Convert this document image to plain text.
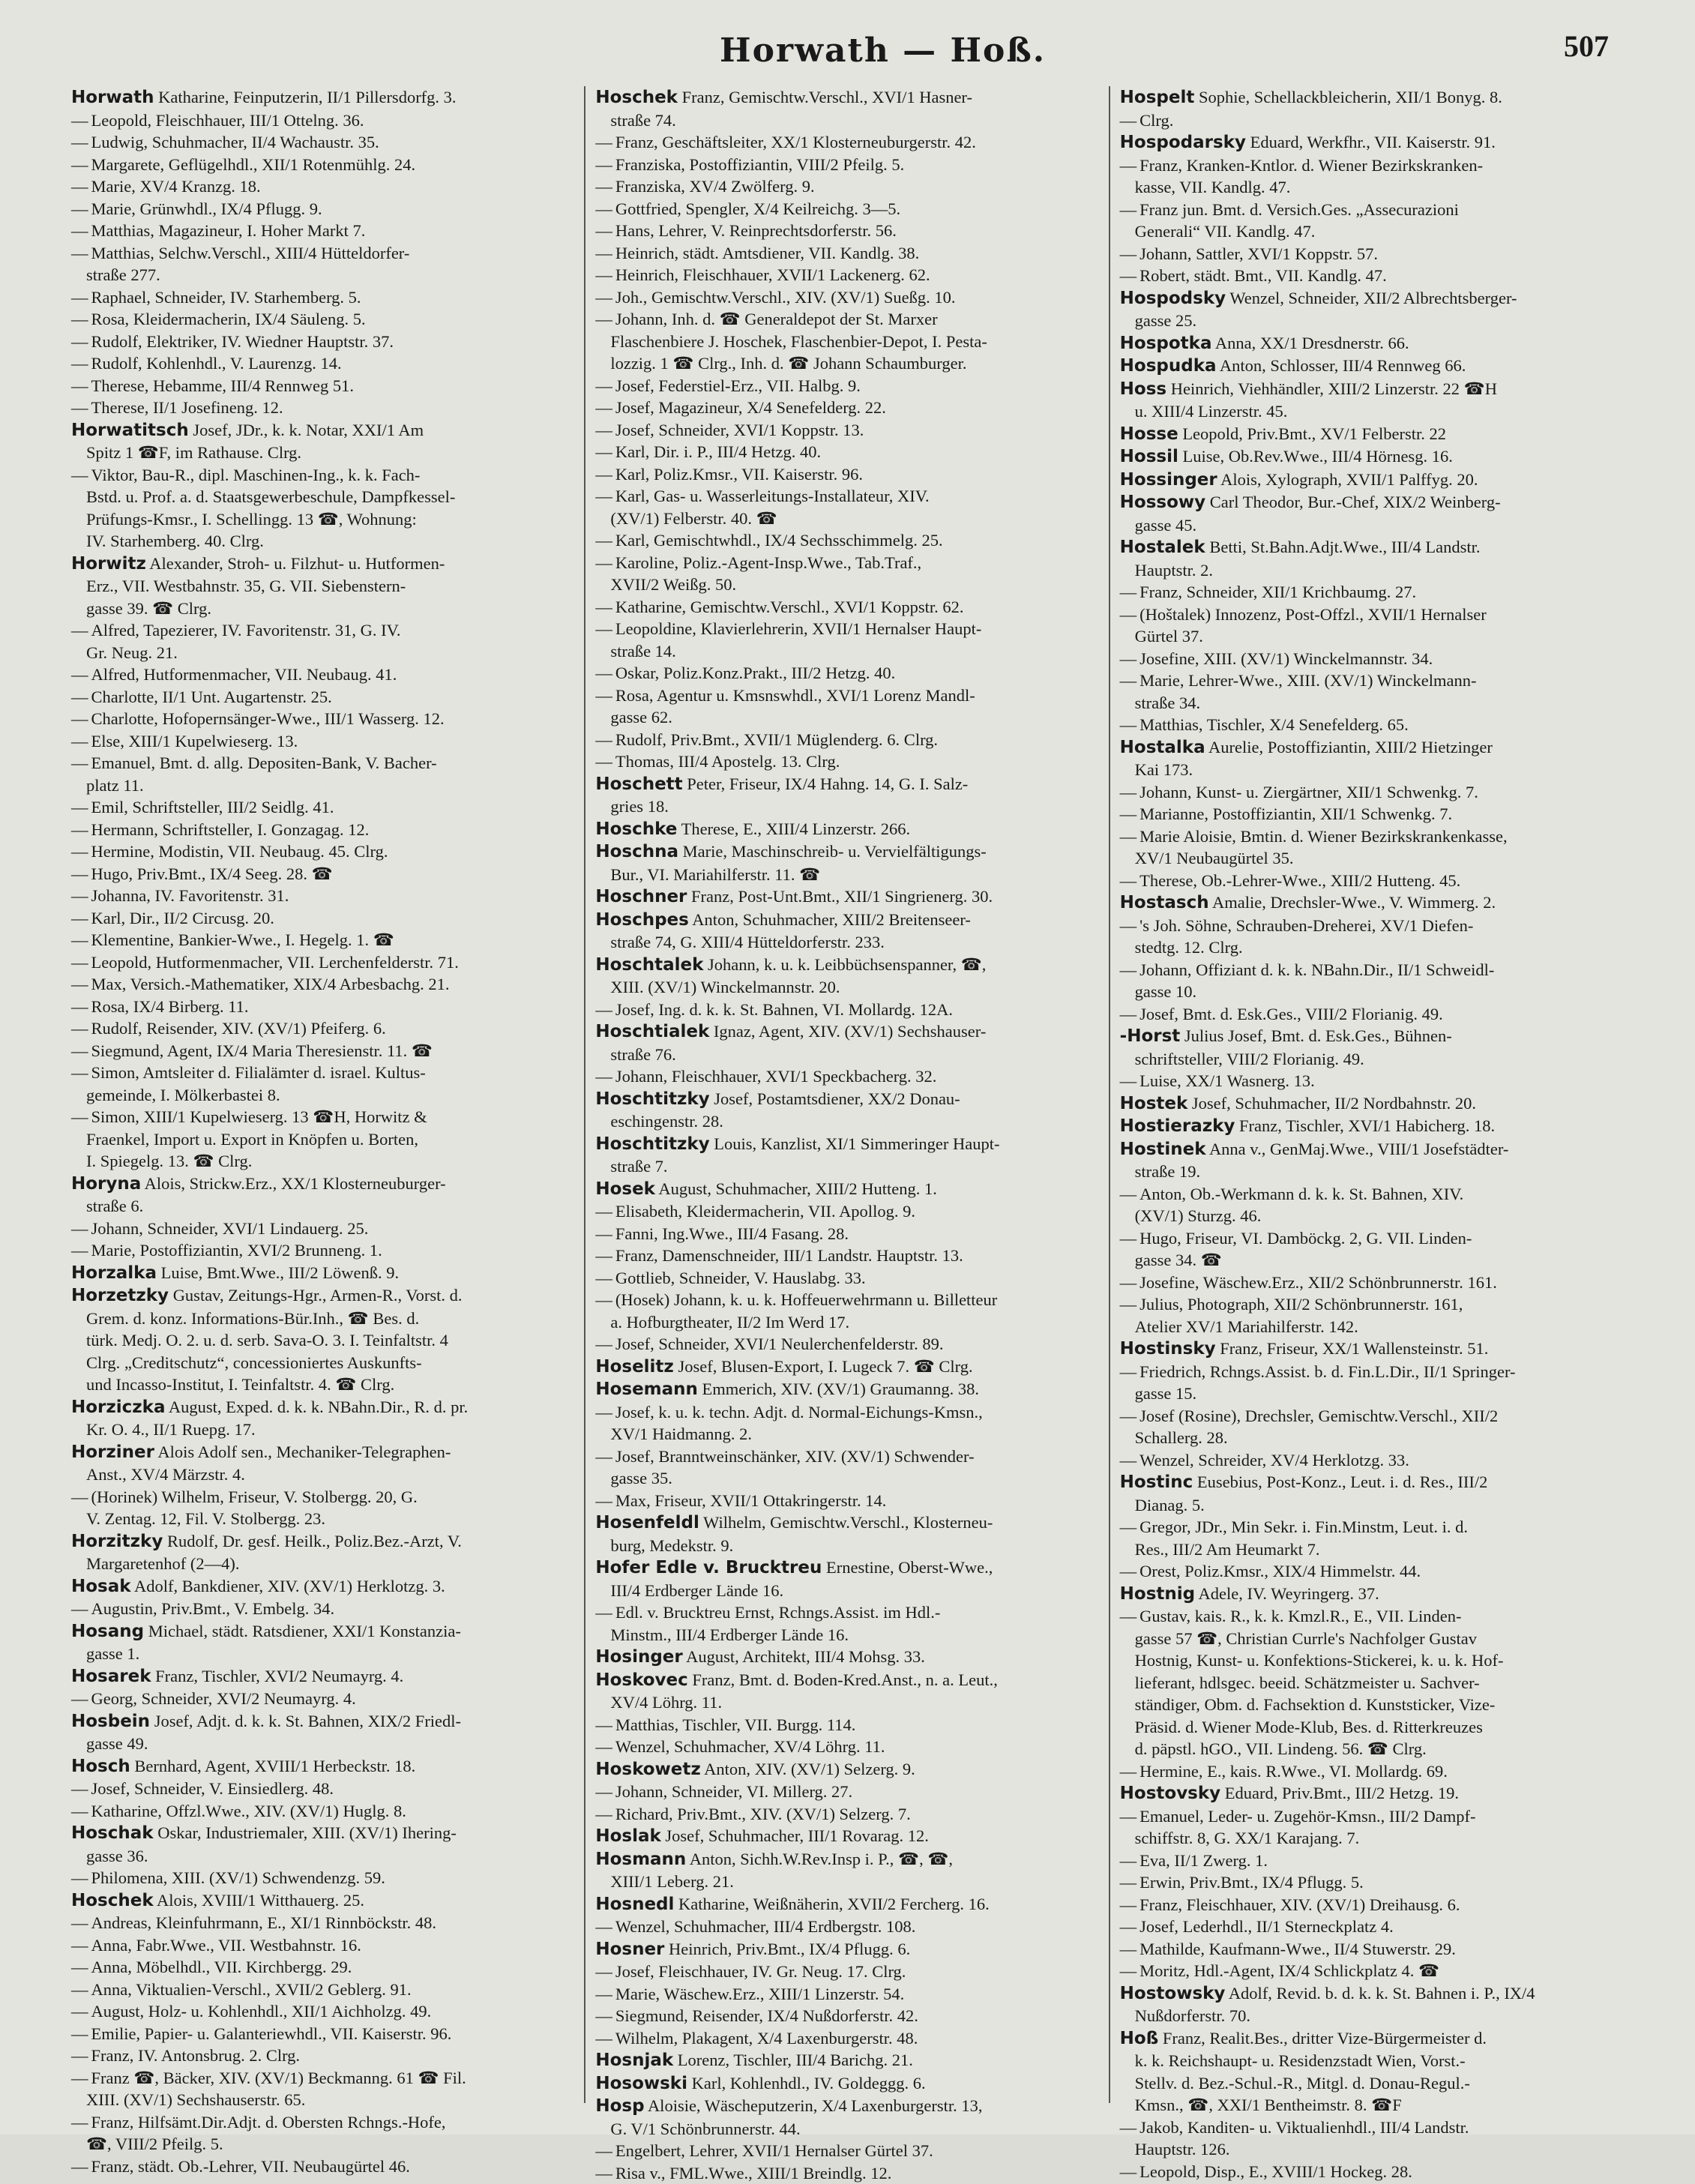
Horwath — Hoß.	507
Horwath Katharine, Feinputzerin, II/1 Pillersdorfg. 3.
— Leopold, Fleischhauer, III/1 Ottelng. 36.
— Ludwig, Schuhmacher, II/4 Wachaustr. 35.
— Margarete, Geflügelhdl., XII/1 Rotenmühlg. 24.
— Marie, XV/4 Kranzg. 18.
— Marie, Grünwhdl., IX/4 Pflugg. 9.
— Matthias, Magazineur, I. Hoher Markt 7.
— Matthias, Selchw.Verschl., XIII/4 Hütteldorfer-
straße 277.
— Raphael, Schneider, IV. Starhemberg. 5.
— Rosa, Kleidermacherin, IX/4 Säuleng. 5.
— Rudolf, Elektriker, IV. Wiedner Hauptstr. 37.
— Rudolf, Kohlenhdl., V. Laurenzg. 14.
— Therese, Hebamme, III/4 Rennweg 51.
— Therese, II/1 Josefineng. 12.
Horwatitsch Josef, JDr., k. k. Notar, XXI/1 Am
Spitz 1 ☎F, im Rathause. Clrg.
— Viktor, Bau-R., dipl. Maschinen-Ing., k. k. Fach-
Bstd. u. Prof. a. d. Staatsgewerbeschule, Dampfkessel-
Prüfungs-Kmsr., I. Schellingg. 13 ☎, Wohnung:
IV. Starhemberg. 40. Clrg.
Horwitz Alexander, Stroh- u. Filzhut- u. Hutformen-
Erz., VII. Westbahnstr. 35, G. VII. Siebenstern-
gasse 39. ☎ Clrg.
— Alfred, Tapezierer, IV. Favoritenstr. 31, G. IV.
Gr. Neug. 21.
— Alfred, Hutformenmacher, VII. Neubaug. 41.
— Charlotte, II/1 Unt. Augartenstr. 25.
— Charlotte, Hofopernsänger-Wwe., III/1 Wasserg. 12.
— Else, XIII/1 Kupelwieserg. 13.
— Emanuel, Bmt. d. allg. Depositen-Bank, V. Bacher-
platz 11.
— Emil, Schriftsteller, III/2 Seidlg. 41.
— Hermann, Schriftsteller, I. Gonzagag. 12.
— Hermine, Modistin, VII. Neubaug. 45. Clrg.
— Hugo, Priv.Bmt., IX/4 Seeg. 28. ☎
— Johanna, IV. Favoritenstr. 31.
— Karl, Dir., II/2 Circusg. 20.
— Klementine, Bankier-Wwe., I. Hegelg. 1. ☎
— Leopold, Hutformenmacher, VII. Lerchenfelderstr. 71.
— Max, Versich.-Mathematiker, XIX/4 Arbesbachg. 21.
— Rosa, IX/4 Birberg. 11.
— Rudolf, Reisender, XIV. (XV/1) Pfeiferg. 6.
— Siegmund, Agent, IX/4 Maria Theresienstr. 11. ☎
— Simon, Amtsleiter d. Filialämter d. israel. Kultus-
gemeinde, I. Mölkerbastei 8.
— Simon, XIII/1 Kupelwieserg. 13 ☎H, Horwitz &
Fraenkel, Import u. Export in Knöpfen u. Borten,
I. Spiegelg. 13. ☎ Clrg.
Horyna Alois, Strickw.Erz., XX/1 Klosterneuburger-
straße 6.
— Johann, Schneider, XVI/1 Lindauerg. 25.
— Marie, Postoffiziantin, XVI/2 Brunneng. 1.
Horzalka Luise, Bmt.Wwe., III/2 Löwenß. 9.
Horzetzky Gustav, Zeitungs-Hgr., Armen-R., Vorst. d.
Grem. d. konz. Informations-Bür.Inh., ☎ Bes. d.
türk. Medj. O. 2. u. d. serb. Sava-O. 3. I. Teinfaltstr. 4
Clrg. „Creditschutz“, concessioniertes Auskunfts-
und Incasso-Institut, I. Teinfaltstr. 4. ☎ Clrg.
Horziczka August, Exped. d. k. k. NBahn.Dir., R. d. pr.
Kr. O. 4., II/1 Ruepg. 17.
Horziner Alois Adolf sen., Mechaniker-Telegraphen-
Anst., XV/4 Märzstr. 4.
— (Horinek) Wilhelm, Friseur, V. Stolbergg. 20, G.
V. Zentag. 12, Fil. V. Stolbergg. 23.
Horzitzky Rudolf, Dr. gesf. Heilk., Poliz.Bez.-Arzt, V.
Margaretenhof (2—4).
Hosak Adolf, Bankdiener, XIV. (XV/1) Herklotzg. 3.
— Augustin, Priv.Bmt., V. Embelg. 34.
Hosang Michael, städt. Ratsdiener, XXI/1 Konstanzia-
gasse 1.
Hosarek Franz, Tischler, XVI/2 Neumayrg. 4.
— Georg, Schneider, XVI/2 Neumayrg. 4.
Hosbein Josef, Adjt. d. k. k. St. Bahnen, XIX/2 Friedl-
gasse 49.
Hosch Bernhard, Agent, XVIII/1 Herbeckstr. 18.
— Josef, Schneider, V. Einsiedlerg. 48.
— Katharine, Offzl.Wwe., XIV. (XV/1) Huglg. 8.
Hoschak Oskar, Industriemaler, XIII. (XV/1) Ihering-
gasse 36.
— Philomena, XIII. (XV/1) Schwendenzg. 59.
Hoschek Alois, XVIII/1 Witthauerg. 25.
— Andreas, Kleinfuhrmann, E., XI/1 Rinnböckstr. 48.
— Anna, Fabr.Wwe., VII. Westbahnstr. 16.
— Anna, Möbelhdl., VII. Kirchbergg. 29.
— Anna, Viktualien-Verschl., XVII/2 Geblerg. 91.
— August, Holz- u. Kohlenhdl., XII/1 Aichholzg. 49.
— Emilie, Papier- u. Galanteriewhdl., VII. Kaiserstr. 96.
— Franz, IV. Antonsbrug. 2. Clrg.
— Franz ☎, Bäcker, XIV. (XV/1) Beckmanng. 61 ☎ Fil.
XIII. (XV/1) Sechshauserstr. 65.
— Franz, Hilfsämt.Dir.Adjt. d. Obersten Rchngs.-Hofe,
☎, VIII/2 Pfeilg. 5.
— Franz, städt. Ob.-Lehrer, VII. Neubaugürtel 46.
Hoschek Franz, Gemischtw.Verschl., XVI/1 Hasner-
straße 74.
— Franz, Geschäftsleiter, XX/1 Klosterneuburgerstr. 42.
— Franziska, Postoffiziantin, VIII/2 Pfeilg. 5.
— Franziska, XV/4 Zwölferg. 9.
— Gottfried, Spengler, X/4 Keilreichg. 3—5.
— Hans, Lehrer, V. Reinprechtsdorferstr. 56.
— Heinrich, städt. Amtsdiener, VII. Kandlg. 38.
— Heinrich, Fleischhauer, XVII/1 Lackenerg. 62.
— Joh., Gemischtw.Verschl., XIV. (XV/1) Sueßg. 10.
— Johann, Inh. d. ☎ Generaldepot der St. Marxer
Flaschenbiere J. Hoschek, Flaschenbier-Depot, I. Pesta-
lozzig. 1 ☎ Clrg., Inh. d. ☎ Johann Schaumburger.
— Josef, Federstiel-Erz., VII. Halbg. 9.
— Josef, Magazineur, X/4 Senefelderg. 22.
— Josef, Schneider, XVI/1 Koppstr. 13.
— Karl, Dir. i. P., III/4 Hetzg. 40.
— Karl, Poliz.Kmsr., VII. Kaiserstr. 96.
— Karl, Gas- u. Wasserleitungs-Installateur, XIV.
(XV/1) Felberstr. 40. ☎
— Karl, Gemischtwhdl., IX/4 Sechsschimmelg. 25.
— Karoline, Poliz.-Agent-Insp.Wwe., Tab.Traf.,
XVII/2 Weißg. 50.
— Katharine, Gemischtw.Verschl., XVI/1 Koppstr. 62.
— Leopoldine, Klavierlehrerin, XVII/1 Hernalser Haupt-
straße 14.
— Oskar, Poliz.Konz.Prakt., III/2 Hetzg. 40.
— Rosa, Agentur u. Kmsnswhdl., XVI/1 Lorenz Mandl-
gasse 62.
— Rudolf, Priv.Bmt., XVII/1 Müglenderg. 6. Clrg.
— Thomas, III/4 Apostelg. 13. Clrg.
Hoschett Peter, Friseur, IX/4 Hahng. 14, G. I. Salz-
gries 18.
Hoschke Therese, E., XIII/4 Linzerstr. 266.
Hoschna Marie, Maschinschreib- u. Vervielfältigungs-
Bur., VI. Mariahilferstr. 11. ☎
Hoschner Franz, Post-Unt.Bmt., XII/1 Singrienerg. 30.
Hoschpes Anton, Schuhmacher, XIII/2 Breitenseer-
straße 74, G. XIII/4 Hütteldorferstr. 233.
Hoschtalek Johann, k. u. k. Leibbüchsenspanner, ☎,
XIII. (XV/1) Winckelmannstr. 20.
— Josef, Ing. d. k. k. St. Bahnen, VI. Mollardg. 12A.
Hoschtialek Ignaz, Agent, XIV. (XV/1) Sechshauser-
straße 76.
— Johann, Fleischhauer, XVI/1 Speckbacherg. 32.
Hoschtitzky Josef, Postamtsdiener, XX/2 Donau-
eschingenstr. 28.
Hoschtitzky Louis, Kanzlist, XI/1 Simmeringer Haupt-
straße 7.
Hosek August, Schuhmacher, XIII/2 Hutteng. 1.
— Elisabeth, Kleidermacherin, VII. Apollog. 9.
— Fanni, Ing.Wwe., III/4 Fasang. 28.
— Franz, Damenschneider, III/1 Landstr. Hauptstr. 13.
— Gottlieb, Schneider, V. Hauslabg. 33.
— (Hosek) Johann, k. u. k. Hoffeuerwehrmann u. Billetteur
a. Hofburgtheater, II/2 Im Werd 17.
— Josef, Schneider, XVI/1 Neulerchenfelderstr. 89.
Hoselitz Josef, Blusen-Export, I. Lugeck 7. ☎ Clrg.
Hosemann Emmerich, XIV. (XV/1) Graumanng. 38.
— Josef, k. u. k. techn. Adjt. d. Normal-Eichungs-Kmsn.,
XV/1 Haidmanng. 2.
— Josef, Branntweinschänker, XIV. (XV/1) Schwender-
gasse 35.
— Max, Friseur, XVII/1 Ottakringerstr. 14.
Hosenfeldl Wilhelm, Gemischtw.Verschl., Klosterneu-
burg, Medekstr. 9.
Hofer Edle v. Brucktreu Ernestine, Oberst-Wwe.,
III/4 Erdberger Lände 16.
— Edl. v. Brucktreu Ernst, Rchngs.Assist. im Hdl.-
Minstm., III/4 Erdberger Lände 16.
Hosinger August, Architekt, III/4 Mohsg. 33.
Hoskovec Franz, Bmt. d. Boden-Kred.Anst., n. a. Leut.,
XV/4 Löhrg. 11.
— Matthias, Tischler, VII. Burgg. 114.
— Wenzel, Schuhmacher, XV/4 Löhrg. 11.
Hoskowetz Anton, XIV. (XV/1) Selzerg. 9.
— Johann, Schneider, VI. Millerg. 27.
— Richard, Priv.Bmt., XIV. (XV/1) Selzerg. 7.
Hoslak Josef, Schuhmacher, III/1 Rovarag. 12.
Hosmann Anton, Sichh.W.Rev.Insp i. P., ☎, ☎,
XIII/1 Leberg. 21.
Hosnedl Katharine, Weißnäherin, XVII/2 Fercherg. 16.
— Wenzel, Schuhmacher, III/4 Erdbergstr. 108.
Hosner Heinrich, Priv.Bmt., IX/4 Pflugg. 6.
— Josef, Fleischhauer, IV. Gr. Neug. 17. Clrg.
— Marie, Wäschew.Erz., XIII/1 Linzerstr. 54.
— Siegmund, Reisender, IX/4 Nußdorferstr. 42.
— Wilhelm, Plakagent, X/4 Laxenburgerstr. 48.
Hosnjak Lorenz, Tischler, III/4 Barichg. 21.
Hosowski Karl, Kohlenhdl., IV. Goldeggg. 6.
Hosp Aloisie, Wäscheputzerin, X/4 Laxenburgerstr. 13,
G. V/1 Schönbrunnerstr. 44.
— Engelbert, Lehrer, XVII/1 Hernalser Gürtel 37.
— Risa v., FML.Wwe., XIII/1 Breindlg. 12.
Hospelt Sophie, Schellackbleicherin, XII/1 Bonyg. 8.
— Clrg.
Hospodarsky Eduard, Werkfhr., VII. Kaiserstr. 91.
— Franz, Kranken-Kntlor. d. Wiener Bezirkskranken-
kasse, VII. Kandlg. 47.
— Franz jun. Bmt. d. Versich.Ges. „Assecurazioni
Generali“ VII. Kandlg. 47.
— Johann, Sattler, XVI/1 Koppstr. 57.
— Robert, städt. Bmt., VII. Kandlg. 47.
Hospodsky Wenzel, Schneider, XII/2 Albrechtsberger-
gasse 25.
Hospotka Anna, XX/1 Dresdnerstr. 66.
Hospudka Anton, Schlosser, III/4 Rennweg 66.
Hoss Heinrich, Viehhändler, XIII/2 Linzerstr. 22 ☎H
u. XIII/4 Linzerstr. 45.
Hosse Leopold, Priv.Bmt., XV/1 Felberstr. 22
Hossil Luise, Ob.Rev.Wwe., III/4 Hörnesg. 16.
Hossinger Alois, Xylograph, XVII/1 Palffyg. 20.
Hossowy Carl Theodor, Bur.-Chef, XIX/2 Weinberg-
gasse 45.
Hostalek Betti, St.Bahn.Adjt.Wwe., III/4 Landstr.
Hauptstr. 2.
— Franz, Schneider, XII/1 Krichbaumg. 27.
— (Hoštalek) Innozenz, Post-Offzl., XVII/1 Hernalser
Gürtel 37.
— Josefine, XIII. (XV/1) Winckelmannstr. 34.
— Marie, Lehrer-Wwe., XIII. (XV/1) Winckelmann-
straße 34.
— Matthias, Tischler, X/4 Senefelderg. 65.
Hostalka Aurelie, Postoffiziantin, XIII/2 Hietzinger
Kai 173.
— Johann, Kunst- u. Ziergärtner, XII/1 Schwenkg. 7.
— Marianne, Postoffiziantin, XII/1 Schwenkg. 7.
— Marie Aloisie, Bmtin. d. Wiener Bezirkskrankenkasse,
XV/1 Neubaugürtel 35.
— Therese, Ob.-Lehrer-Wwe., XIII/2 Hutteng. 45.
Hostasch Amalie, Drechsler-Wwe., V. Wimmerg. 2.
— 's Joh. Söhne, Schrauben-Dreherei, XV/1 Diefen-
stedtg. 12. Clrg.
— Johann, Offiziant d. k. k. NBahn.Dir., II/1 Schweidl-
gasse 10.
— Josef, Bmt. d. Esk.Ges., VIII/2 Florianig. 49.
-Horst Julius Josef, Bmt. d. Esk.Ges., Bühnen-
schriftsteller, VIII/2 Florianig. 49.
— Luise, XX/1 Wasnerg. 13.
Hostek Josef, Schuhmacher, II/2 Nordbahnstr. 20.
Hostierazky Franz, Tischler, XVI/1 Habicherg. 18.
Hostinek Anna v., GenMaj.Wwe., VIII/1 Josefstädter-
straße 19.
— Anton, Ob.-Werkmann d. k. k. St. Bahnen, XIV.
(XV/1) Sturzg. 46.
— Hugo, Friseur, VI. Damböckg. 2, G. VII. Linden-
gasse 34. ☎
— Josefine, Wäschew.Erz., XII/2 Schönbrunnerstr. 161.
— Julius, Photograph, XII/2 Schönbrunnerstr. 161,
Atelier XV/1 Mariahilferstr. 142.
Hostinsky Franz, Friseur, XX/1 Wallensteinstr. 51.
— Friedrich, Rchngs.Assist. b. d. Fin.L.Dir., II/1 Springer-
gasse 15.
— Josef (Rosine), Drechsler, Gemischtw.Verschl., XII/2
Schallerg. 28.
— Wenzel, Schreider, XV/4 Herklotzg. 33.
Hostinc Eusebius, Post-Konz., Leut. i. d. Res., III/2
Dianag. 5.
— Gregor, JDr., Min Sekr. i. Fin.Minstm, Leut. i. d.
Res., III/2 Am Heumarkt 7.
— Orest, Poliz.Kmsr., XIX/4 Himmelstr. 44.
Hostnig Adele, IV. Weyringerg. 37.
— Gustav, kais. R., k. k. Kmzl.R., E., VII. Linden-
gasse 57 ☎, Christian Currle's Nachfolger Gustav
Hostnig, Kunst- u. Konfektions-Stickerei, k. u. k. Hof-
lieferant, hdlsgec. beeid. Schätzmeister u. Sachver-
ständiger, Obm. d. Fachsektion d. Kunststicker, Vize-
Präsid. d. Wiener Mode-Klub, Bes. d. Ritterkreuzes
d. päpstl. hGO., VII. Lindeng. 56. ☎ Clrg.
— Hermine, E., kais. R.Wwe., VI. Mollardg. 69.
Hostovsky Eduard, Priv.Bmt., III/2 Hetzg. 19.
— Emanuel, Leder- u. Zugehör-Kmsn., III/2 Dampf-
schiffstr. 8, G. XX/1 Karajang. 7.
— Eva, II/1 Zwerg. 1.
— Erwin, Priv.Bmt., IX/4 Pflugg. 5.
— Franz, Fleischhauer, XIV. (XV/1) Dreihausg. 6.
— Josef, Lederhdl., II/1 Sterneckplatz 4.
— Mathilde, Kaufmann-Wwe., II/4 Stuwerstr. 29.
— Moritz, Hdl.-Agent, IX/4 Schlickplatz 4. ☎
Hostowsky Adolf, Revid. b. d. k. k. St. Bahnen i. P., IX/4
Nußdorferstr. 70.
Hoß Franz, Realit.Bes., dritter Vize-Bürgermeister d.
k. k. Reichshaupt- u. Residenzstadt Wien, Vorst.-
Stellv. d. Bez.-Schul.-R., Mitgl. d. Donau-Regul.-
Kmsn., ☎, XXI/1 Bentheimstr. 8. ☎F
— Jakob, Kanditen- u. Viktualienhdl., III/4 Landstr.
Hauptstr. 126.
— Leopold, Disp., E., XVIII/1 Hockeg. 28.
